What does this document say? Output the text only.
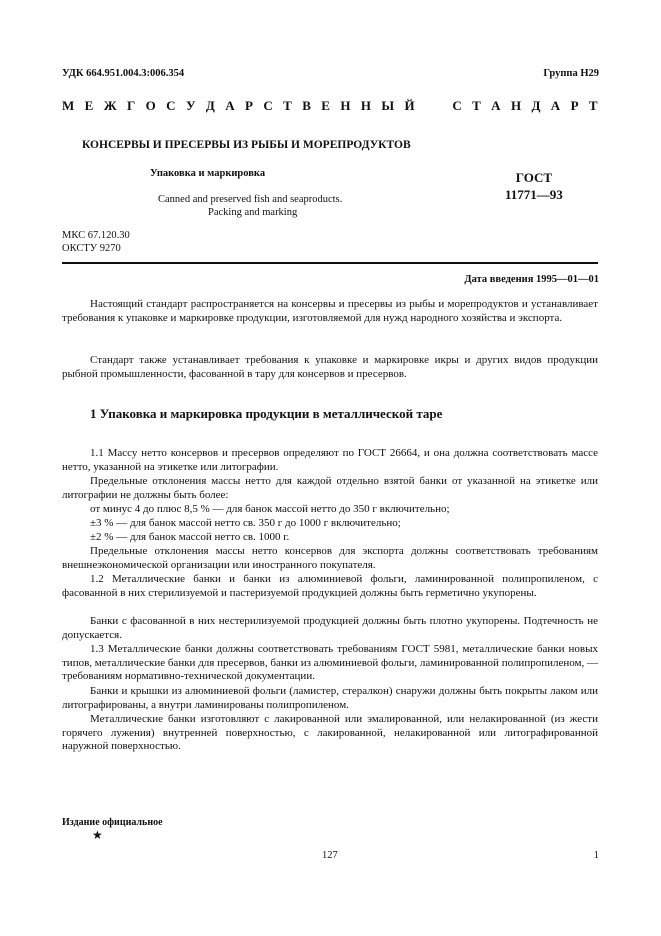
УДК 664.951.004.3:006.354	Группа Н29
М Е Ж Г О С У Д А Р С Т В Е Н Н Ы Й

	С Т А Н Д А Р Т
КОНСЕРВЫ И ПРЕСЕРВЫ ИЗ РЫБЫ И МОРЕПРОДУКТОВ
Упаковка и маркировка
Canned and preserved fish and seaproducts.
Packing and marking
ГОСТ
11771—93
МКС 67.120.30
ОКСТУ 9270
Дата введения 1995—01—01
Настоящий стандарт распространяется на консервы и пресервы из рыбы и морепродуктов и устанавливает требования к упаковке и маркировке продукции, изготовляемой для нужд народного хозяйства и экспорта.
Стандарт также устанавливает требования к упаковке и маркировке икры и других видов продукции рыбной промышленности, фасованной в тару для консервов и пресервов.
1 Упаковка и маркировка продукции в металлической таре
1.1 Массу нетто консервов и пресервов определяют по ГОСТ 26664, и она должна соответствовать массе нетто, указанной на этикетке или литографии.
Предельные отклонения массы нетто для каждой отдельно взятой банки от указанной на этикетке или литографии не должны быть более:
от минус 4 до плюс 8,5 % — для банок массой нетто до 350 г включительно;
±3 % — для банок массой нетто св. 350 г до 1000 г включительно;
±2 % — для банок массой нетто св. 1000 г.
Предельные отклонения массы нетто консервов для экспорта должны соответствовать требованиям внешнеэкономической организации или иностранного покупателя.
1.2 Металлические банки и банки из алюминиевой фольги, ламинированной полипропиленом, с фасованной в них стерилизуемой и пастеризуемой продукцией должны быть герметично укупорены.
Банки с фасованной в них нестерилизуемой продукцией должны быть плотно укупорены. Подтечность не допускается.
1.3 Металлические банки должны соответствовать требованиям ГОСТ 5981, металлические банки новых типов, металлические банки для пресервов, банки из алюминиевой фольги, ламинированной полипропиленом, — требованиям нормативно-технической документации.
Банки и крышки из алюминиевой фольги (ламистер, стералкон) снаружи должны быть покрыты лаком или литографированы, а внутри ламинированы полипропиленом.
Металлические банки изготовляют с лакированной или эмалированной, или нелакированной (из жести горячего лужения) внутренней поверхностью, с лакированной, нелакированной или литографированной наружной поверхностью.
Издание официальное
★
127	1
